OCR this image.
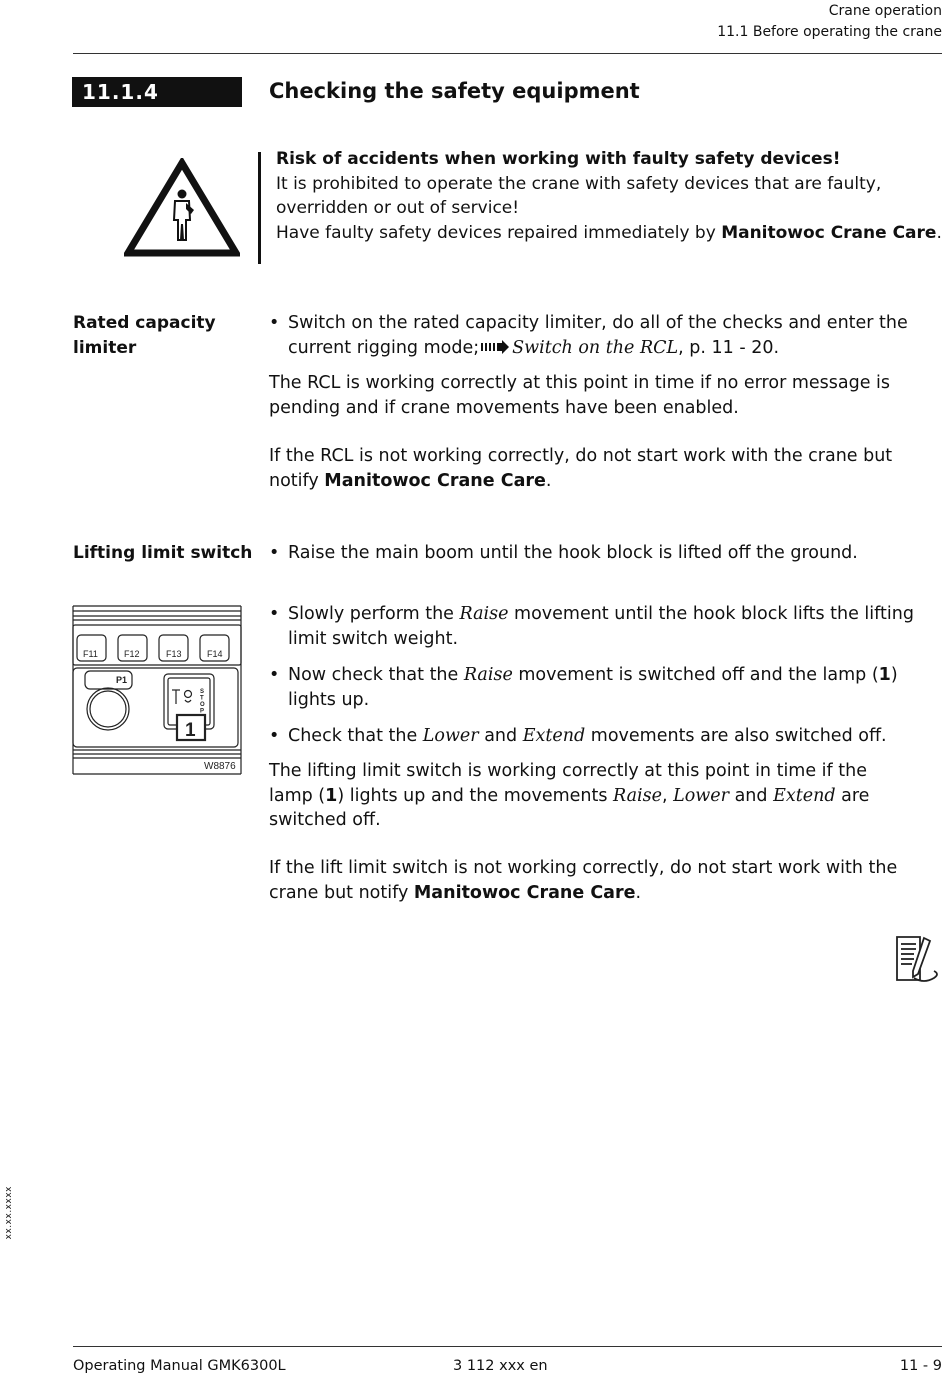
Crane operation
11.1 Before operating the crane
11.1.4	Checking the safety equipment
Risk of accidents when working with faulty safety devices!
It is prohibited to operate the crane with safety devices that are faulty,
overridden or out of service!
Have faulty safety devices repaired immediately by Manitowoc Crane Care.
Rated capacity
limiter
• Switch on the rated capacity limiter, do all of the checks and enter the
current rigging mode; Switch on the RCL, p. 11 - 20.
The RCL is working correctly at this point in time if no error message is
pending and if crane movements have been enabled.
If the RCL is not working correctly, do not start work with the crane but
notify Manitowoc Crane Care.
Lifting limit switch • Raise the main boom until the hook block is lifted off the ground.
F11	F12	F13	F14
P1
S T O P
1
W8876
• Slowly perform the Raise movement until the hook block lifts the lifting
limit switch weight.
• Now check that the Raise movement is switched off and the lamp (1)
lights up.
• Check that the Lower and Extend movements are also switched off.
The lifting limit switch is working correctly at this point in time if the
lamp (1) lights up and the movements Raise, Lower and Extend are
switched off.
If the lift limit switch is not working correctly, do not start work with the
crane but notify Manitowoc Crane Care.
xx.xx.xxxx
Operating Manual GMK6300L	3 112 xxx en	11 - 9
